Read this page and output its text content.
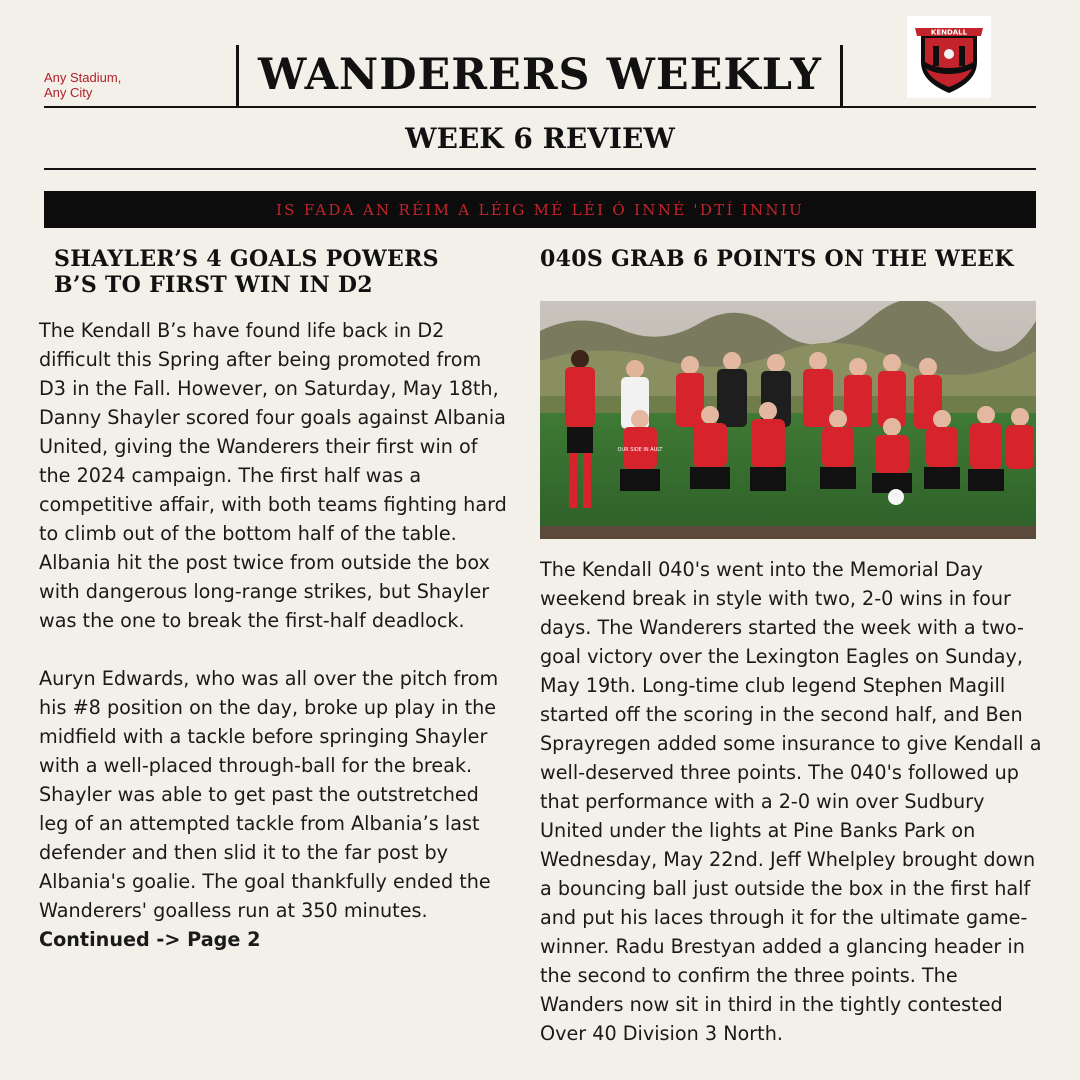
Any Stadium,
Any City	WANDERERS WEEKLY
KENDALL
WEEK 6 REVIEW
IS FADA AN RÉIM A LÉIG MÉ LÉI Ó INNÉ 'DTÍ INNIU
SHAYLER’S 4 GOALS POWERS
B’S TO FIRST WIN IN D2

The Kendall B’s have found life back in D2 difficult this Spring after being promoted from D3 in the Fall. However, on Saturday, May 18th, Danny Shayler scored four goals against Albania United, giving the Wanderers their first win of the 2024 campaign. The first half was a competitive affair, with both teams fighting hard to climb out of the bottom half of the table. Albania hit the post twice from outside the box with dangerous long-range strikes, but Shayler was the one to break the first-half deadlock.

Auryn Edwards, who was all over the pitch from his #8 position on the day, broke up play in the midfield with a tackle before springing Shayler with a well-placed through-ball for the break. Shayler was able to get past the outstretched leg of an attempted tackle from Albania’s last defender and then slid it to the far post by Albania's goalie. The goal thankfully ended the Wanderers' goalless run at 350 minutes. Continued -> Page 2

040S GRAB 6 POINTS ON THE WEEK
OUR SIDE IN AULT

The Kendall 040's went into the Memorial Day weekend break in style with two, 2-0 wins in four days. The Wanderers started the week with a two-goal victory over the Lexington Eagles on Sunday, May 19th. Long-time club legend Stephen Magill started off the scoring in the second half, and Ben Sprayregen added some insurance to give Kendall a well-deserved three points. The 040's followed up that performance with a 2-0 win over Sudbury United under the lights at Pine Banks Park on Wednesday, May 22nd. Jeff Whelpley brought down a bouncing ball just outside the box in the first half and put his laces through it for the ultimate game-winner. Radu Brestyan added a glancing header in the second to confirm the three points. The Wanders now sit in third in the tightly contested Over 40 Division 3 North.
